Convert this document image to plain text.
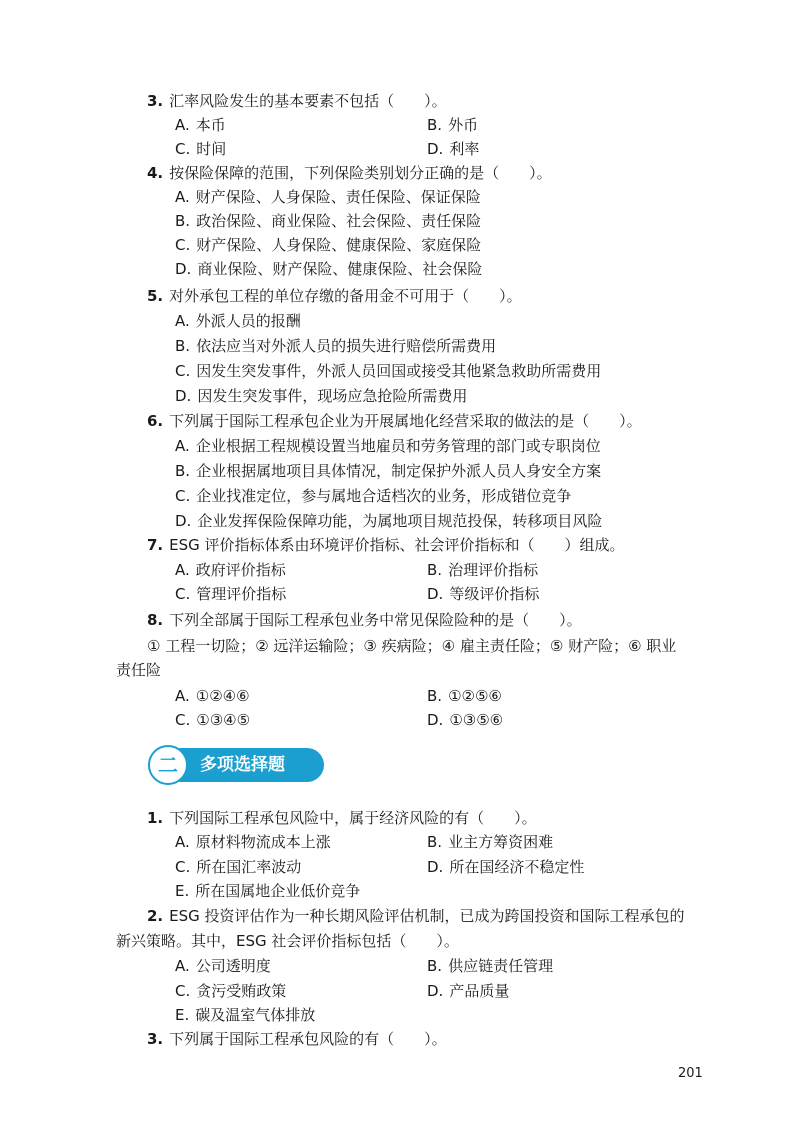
3. 汇率风险发生的基本要素不包括（　　）。
A. 本币	B. 外币
C. 时间	D. 利率
4. 按保险保障的范围，下列保险类别划分正确的是（　　）。
A. 财产保险、人身保险、责任保险、保证保险
B. 政治保险、商业保险、社会保险、责任保险
C. 财产保险、人身保险、健康保险、家庭保险
D. 商业保险、财产保险、健康保险、社会保险
5. 对外承包工程的单位存缴的备用金不可用于（　　）。
A. 外派人员的报酬
B. 依法应当对外派人员的损失进行赔偿所需费用
C. 因发生突发事件，外派人员回国或接受其他紧急救助所需费用
D. 因发生突发事件，现场应急抢险所需费用
6. 下列属于国际工程承包企业为开展属地化经营采取的做法的是（　　）。
A. 企业根据工程规模设置当地雇员和劳务管理的部门或专职岗位
B. 企业根据属地项目具体情况，制定保护外派人员人身安全方案
C. 企业找准定位，参与属地合适档次的业务，形成错位竞争
D. 企业发挥保险保障功能，为属地项目规范投保，转移项目风险
7. ESG 评价指标体系由环境评价指标、社会评价指标和（　　）组成。
A. 政府评价指标	B. 治理评价指标
C. 管理评价指标	D. 等级评价指标
8. 下列全部属于国际工程承包业务中常见保险险种的是（　　）。
① 工程一切险；② 远洋运输险；③ 疾病险；④ 雇主责任险；⑤ 财产险；⑥ 职业
责任险
A. ①②④⑥	B. ①②⑤⑥
C. ①③④⑤	D. ①③⑤⑥
二	多项选择题
1. 下列国际工程承包风险中，属于经济风险的有（　　）。
A. 原材料物流成本上涨	B. 业主方筹资困难
C. 所在国汇率波动	D. 所在国经济不稳定性
E. 所在国属地企业低价竞争
2. ESG 投资评估作为一种长期风险评估机制，已成为跨国投资和国际工程承包的
新兴策略。其中，ESG 社会评价指标包括（　　）。
A. 公司透明度	B. 供应链责任管理
C. 贪污受贿政策	D. 产品质量
E. 碳及温室气体排放
3. 下列属于国际工程承包风险的有（　　）。
201
